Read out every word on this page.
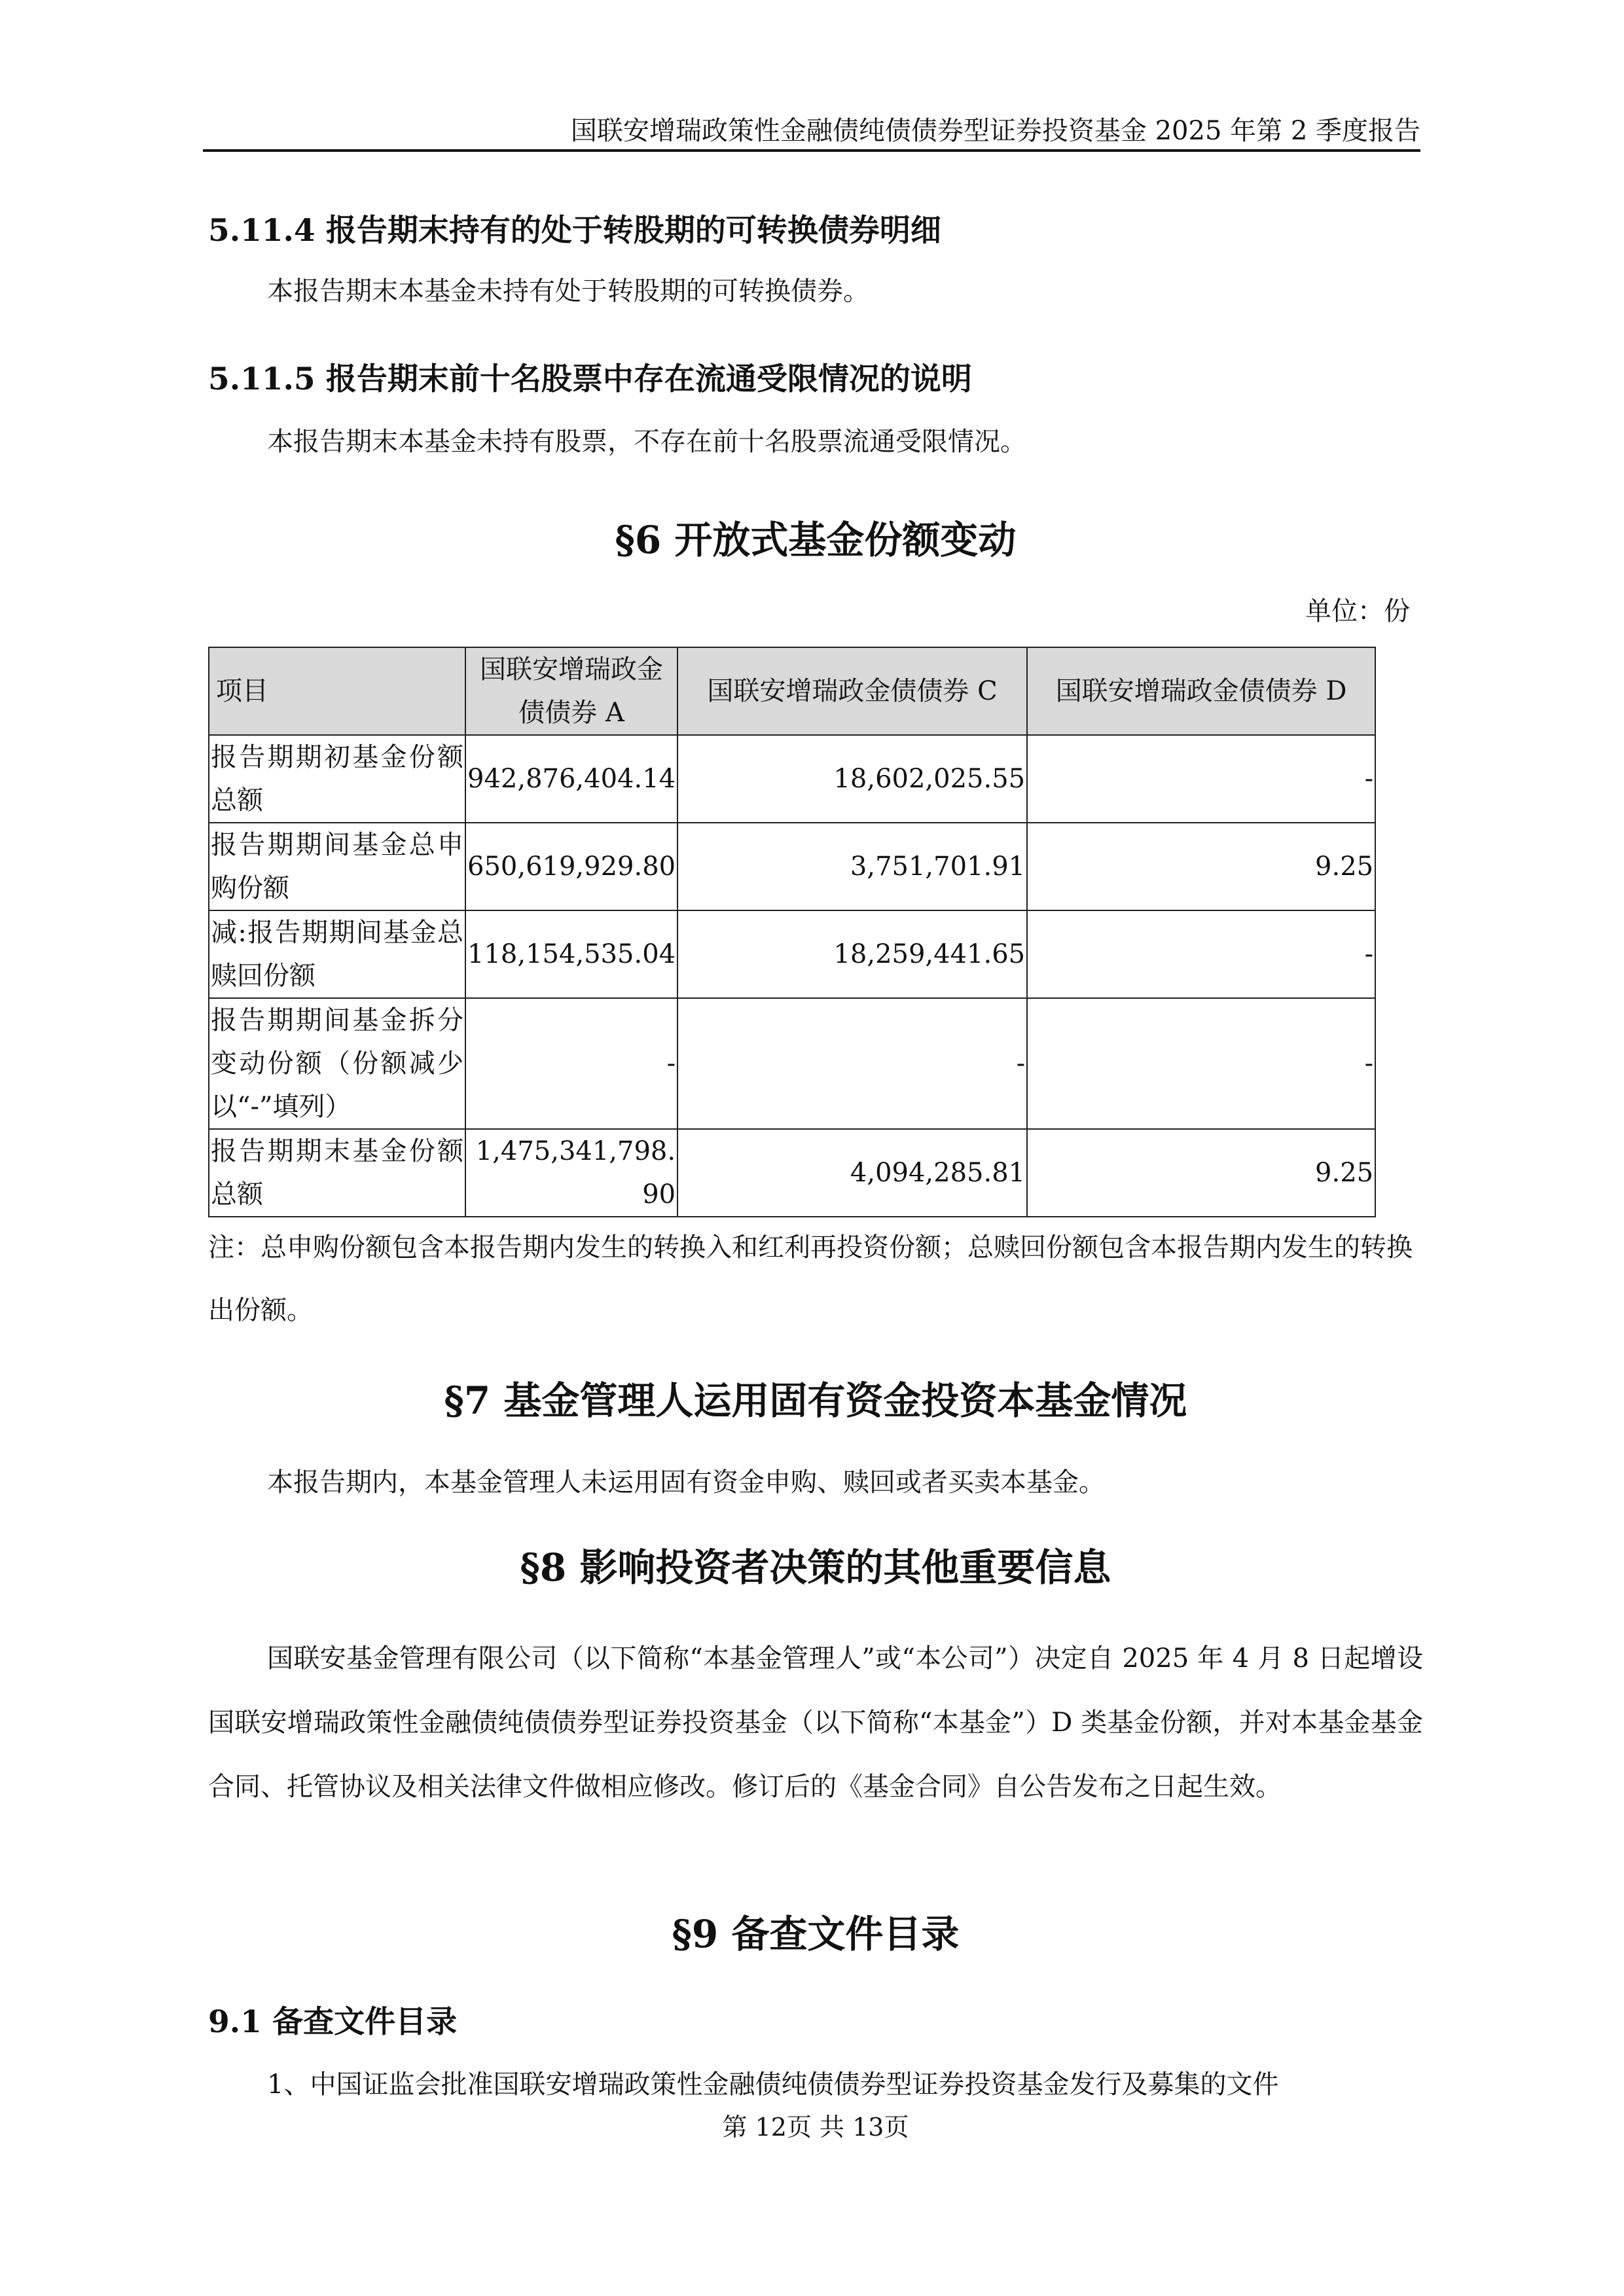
国联安增瑞政策性金融债纯债债券型证券投资基金 2025 年第 2 季度报告
5.11.4 报告期末持有的处于转股期的可转换债券明细
本报告期末本基金未持有处于转股期的可转换债券。
5.11.5 报告期末前十名股票中存在流通受限情况的说明
本报告期末本基金未持有股票，不存在前十名股票流通受限情况。
§6 开放式基金份额变动
单位：份
项目	国联安增瑞政金债债券 A	国联安增瑞政金债债券 C	国联安增瑞政金债债券 D
报告期期初基金份额总额	942,876,404.14	18,602,025.55	-
报告期期间基金总申购份额	650,619,929.80	3,751,701.91	9.25
减:报告期期间基金总赎回份额	118,154,535.04	18,259,441.65	-
报告期期间基金拆分变动份额（份额减少以“-”填列）	-	-	-
报告期期末基金份额总额	1,475,341,798.90	4,094,285.81	9.25
注：总申购份额包含本报告期内发生的转换入和红利再投资份额；总赎回份额包含本报告期内发生的转换出份额。
§7 基金管理人运用固有资金投资本基金情况
本报告期内，本基金管理人未运用固有资金申购、赎回或者买卖本基金。
§8 影响投资者决策的其他重要信息
国联安基金管理有限公司（以下简称“本基金管理人”或“本公司”）决定自 2025 年 4 月 8 日起增设国联安增瑞政策性金融债纯债债券型证券投资基金（以下简称“本基金”）D 类基金份额，并对本基金基金合同、托管协议及相关法律文件做相应修改。修订后的《基金合同》自公告发布之日起生效。
§9 备查文件目录
9.1 备查文件目录
1、中国证监会批准国联安增瑞政策性金融债纯债债券型证券投资基金发行及募集的文件
第 12页 共 13页
